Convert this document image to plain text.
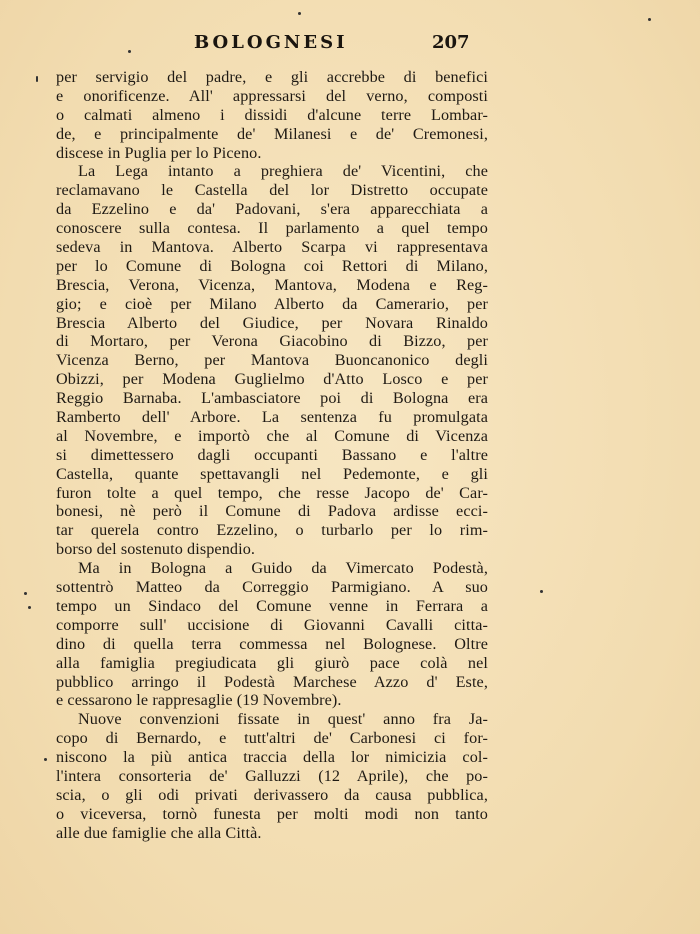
BOLOGNESI	207
per servigio del padre, e gli accrebbe di benefici
e onorificenze. All' appressarsi del verno, composti
o calmati almeno i dissidi d'alcune terre Lombar-
de, e principalmente de' Milanesi e de' Cremonesi,
discese in Puglia per lo Piceno.
La Lega intanto a preghiera de' Vicentini, che
reclamavano le Castella del lor Distretto occupate
da Ezzelino e da' Padovani, s'era apparecchiata a
conoscere sulla contesa. Il parlamento a quel tempo
sedeva in Mantova. Alberto Scarpa vi rappresentava
per lo Comune di Bologna coi Rettori di Milano,
Brescia, Verona, Vicenza, Mantova, Modena e Reg-
gio; e cioè per Milano Alberto da Camerario, per
Brescia Alberto del Giudice, per Novara Rinaldo
di Mortaro, per Verona Giacobino di Bizzo, per
Vicenza Berno, per Mantova Buoncanonico degli
Obizzi, per Modena Guglielmo d'Atto Losco e per
Reggio Barnaba. L'ambasciatore poi di Bologna era
Ramberto dell' Arbore. La sentenza fu promulgata
al Novembre, e importò che al Comune di Vicenza
si dimettessero dagli occupanti Bassano e l'altre
Castella, quante spettavangli nel Pedemonte, e gli
furon tolte a quel tempo, che resse Jacopo de' Car-
bonesi, nè però il Comune di Padova ardisse ecci-
tar querela contro Ezzelino, o turbarlo per lo rim-
borso del sostenuto dispendio.
Ma in Bologna a Guido da Vimercato Podestà,
sottentrò Matteo da Correggio Parmigiano. A suo
tempo un Sindaco del Comune venne in Ferrara a
comporre sull' uccisione di Giovanni Cavalli citta-
dino di quella terra commessa nel Bolognese. Oltre
alla famiglia pregiudicata gli giurò pace colà nel
pubblico arringo il Podestà Marchese Azzo d' Este,
e cessarono le rappresaglie (19 Novembre).
Nuove convenzioni fissate in quest' anno fra Ja-
copo di Bernardo, e tutt'altri de' Carbonesi ci for-
niscono la più antica traccia della lor nimicizia col-
l'intera consorteria de' Galluzzi (12 Aprile), che po-
scia, o gli odi privati derivassero da causa pubblica,
o viceversa, tornò funesta per molti modi non tanto
alle due famiglie che alla Città.
